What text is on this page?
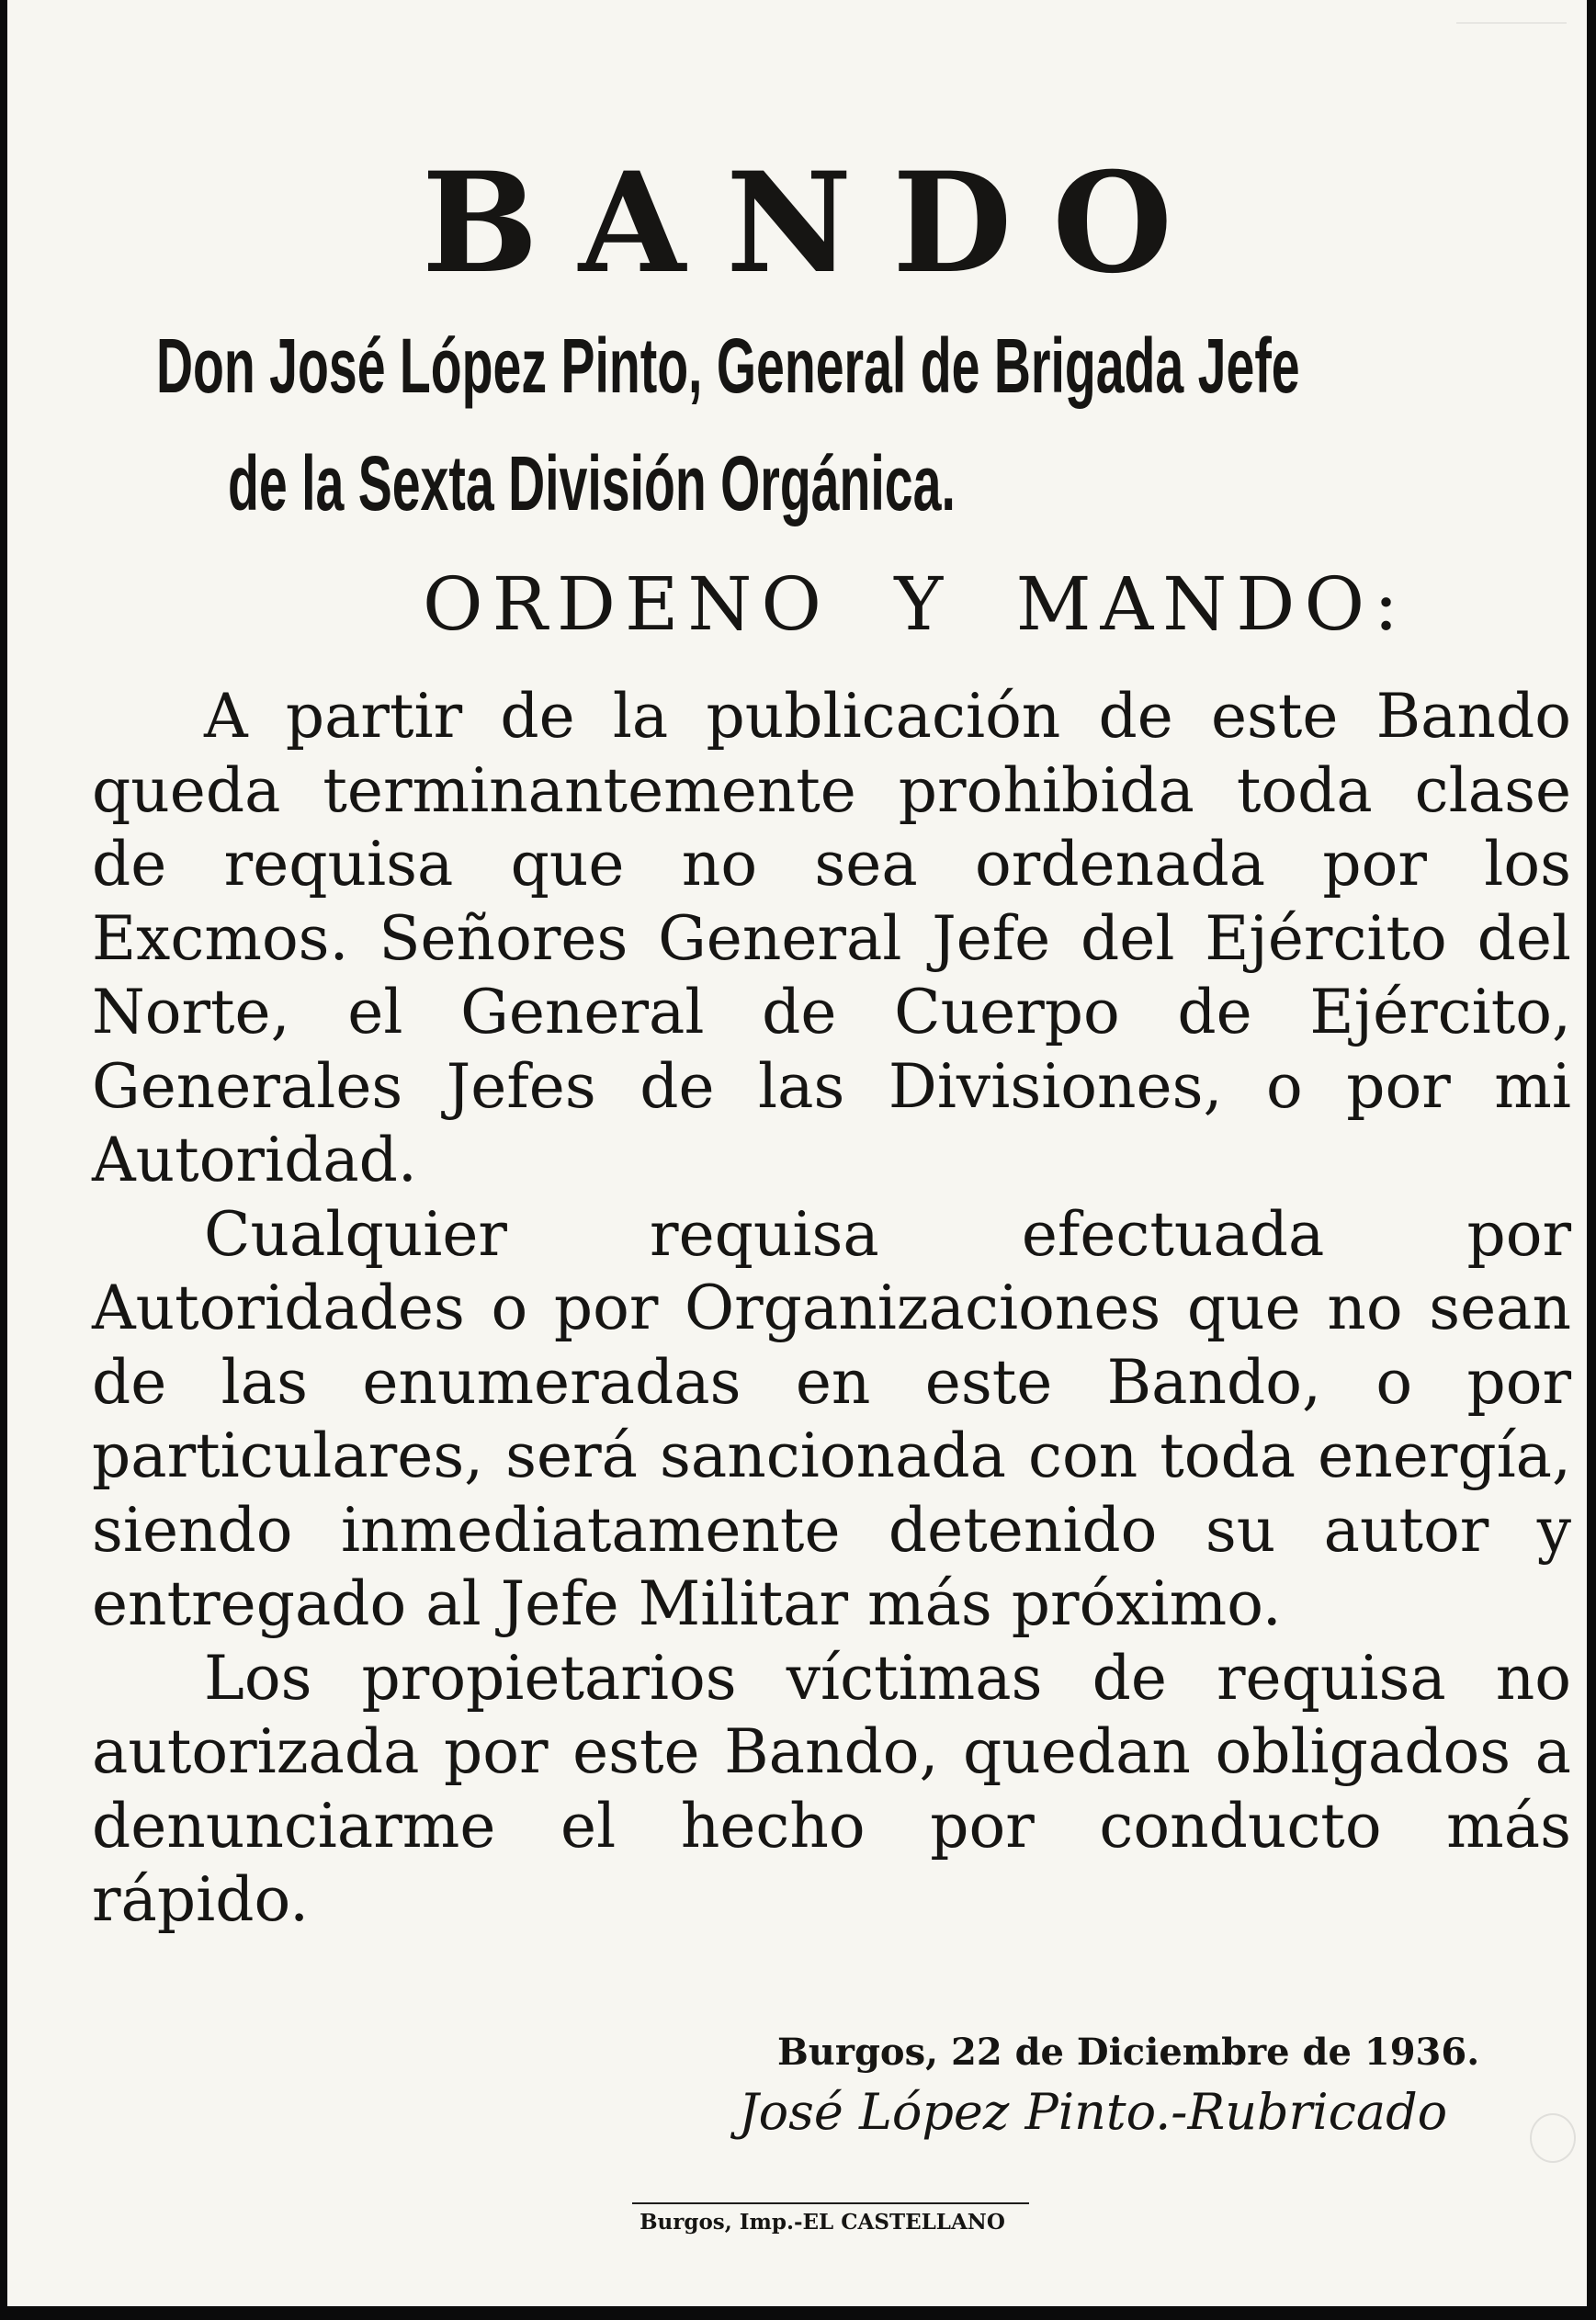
BANDO
Don José López Pinto, General de Brigada Jefe
de la Sexta División Orgánica.
ORDENO Y MANDO:

A partir de la publicación de este Bando queda terminantemente prohibida toda clase de requisa que no sea ordenada por los Excmos. Señores General Jefe del Ejército del Norte, el General de Cuerpo de Ejército, Generales Jefes de las Divisiones, o por mi Autoridad.

Cualquier requisa efectuada por Autoridades o por Organizaciones que no sean de las enumeradas en este Bando, o por particulares, será sancionada con toda energía, siendo inmediatamente detenido su autor y entregado al Jefe Militar más próximo.

Los propietarios víctimas de requisa no autorizada por este Bando, quedan obligados a denunciarme el hecho por conducto más rápido.

Burgos, 22 de Diciembre de 1936.
José López Pinto.-Rubricado
Burgos, Imp.-EL CASTELLANO
